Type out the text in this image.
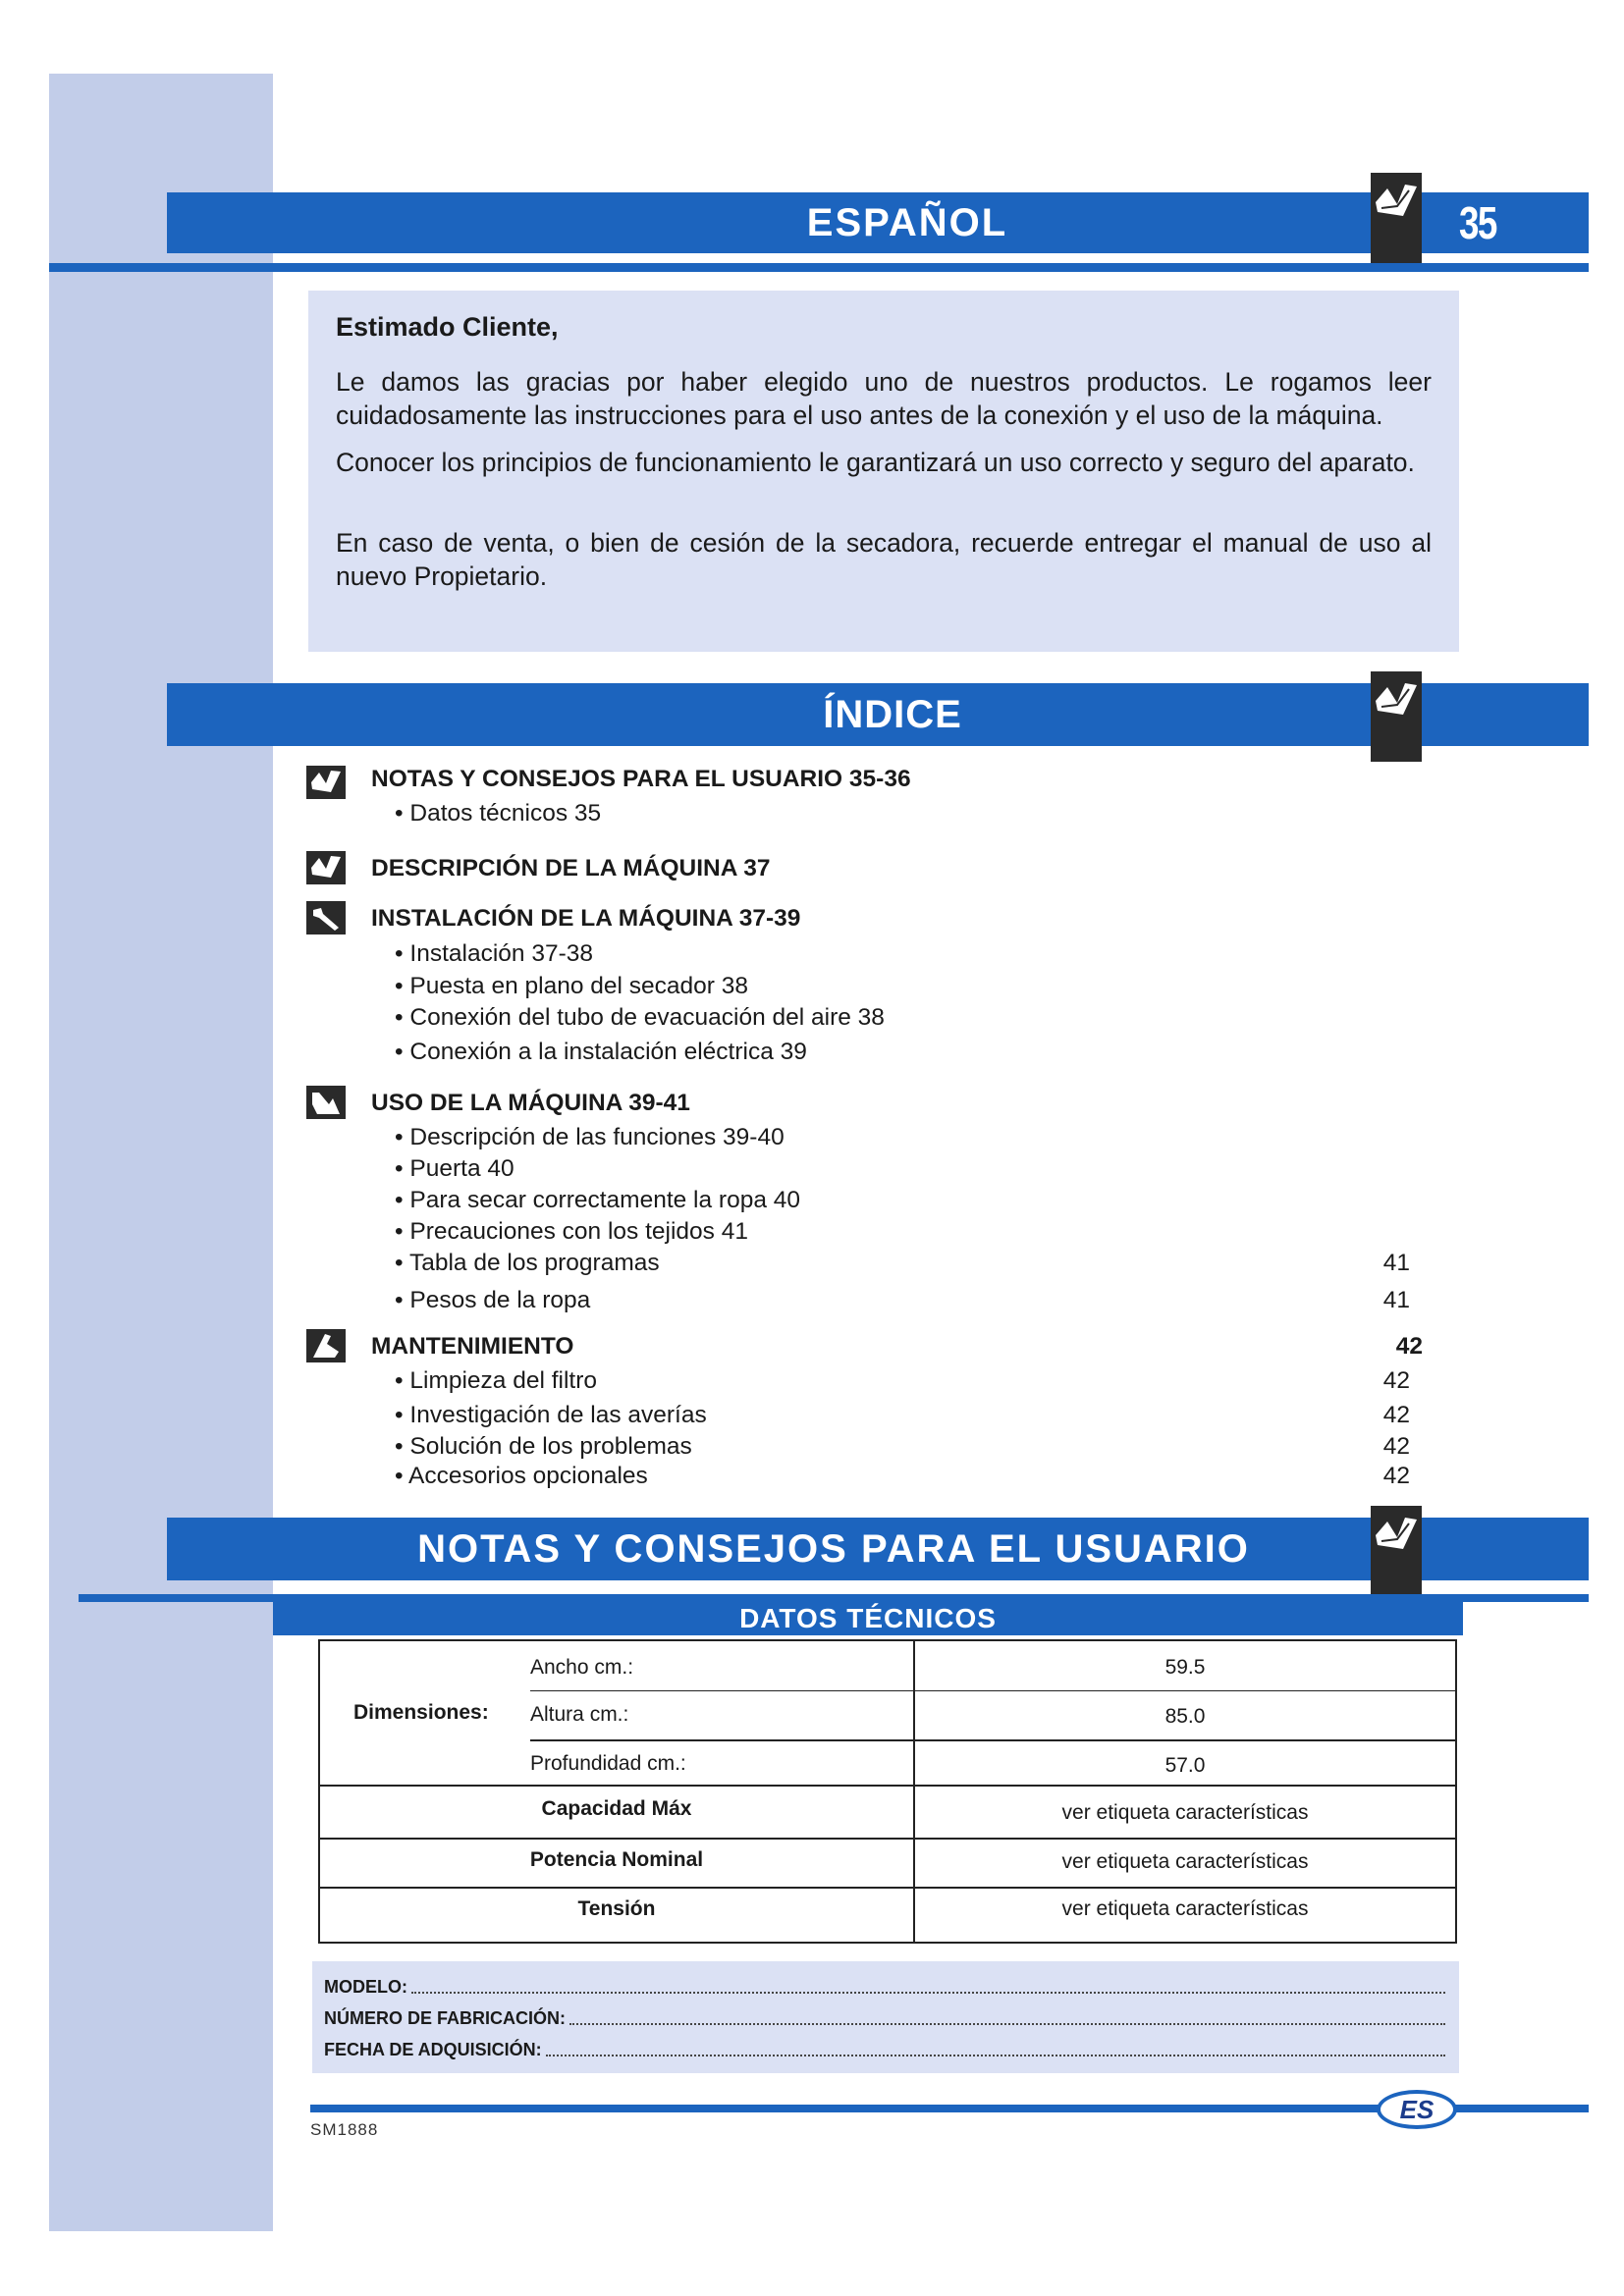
ESPAÑOL	35
Estimado Cliente,
Le damos las gracias por haber elegido uno de nuestros productos. Le rogamos leer cuidadosamente las instrucciones para el uso antes de la conexión y el uso de la máquina.
Conocer los principios de funcionamiento le garantizará un uso correcto y seguro del aparato.
En caso de venta, o bien de cesión de la secadora, recuerde entregar el manual de uso al nuevo Propietario.
ÍNDICE
NOTAS Y CONSEJOS PARA EL USUARIO 35-36
• Datos técnicos 35
DESCRIPCIÓN DE LA MÁQUINA 37
INSTALACIÓN DE LA MÁQUINA 37-39
• Instalación 37-38
• Puesta en plano del secador 38
• Conexión del tubo de evacuación del aire 38
• Conexión a la instalación eléctrica 39
USO DE LA MÁQUINA 39-41
• Descripción de las funciones 39-40
• Puerta 40
• Para secar correctamente la ropa 40
• Precauciones con los tejidos 41
• Tabla de los programas	41
• Pesos de la ropa	41
MANTENIMIENTO	42
• Limpieza del filtro	42
• Investigación de las averías	42
• Solución de los problemas	42
• Accesorios opcionales	42
NOTAS Y CONSEJOS PARA EL USUARIO
DATOS TÉCNICOS
Dimensiones:
Ancho cm.:	59.5
Altura cm.:	85.0
Profundidad cm.:	57.0
Capacidad Máx	ver etiqueta características
Potencia Nominal	ver etiqueta características
Tensión	ver etiqueta características
MODELO:
NÚMERO DE FABRICACIÓN:
FECHA DE ADQUISICIÓN:
ES
SM1888
